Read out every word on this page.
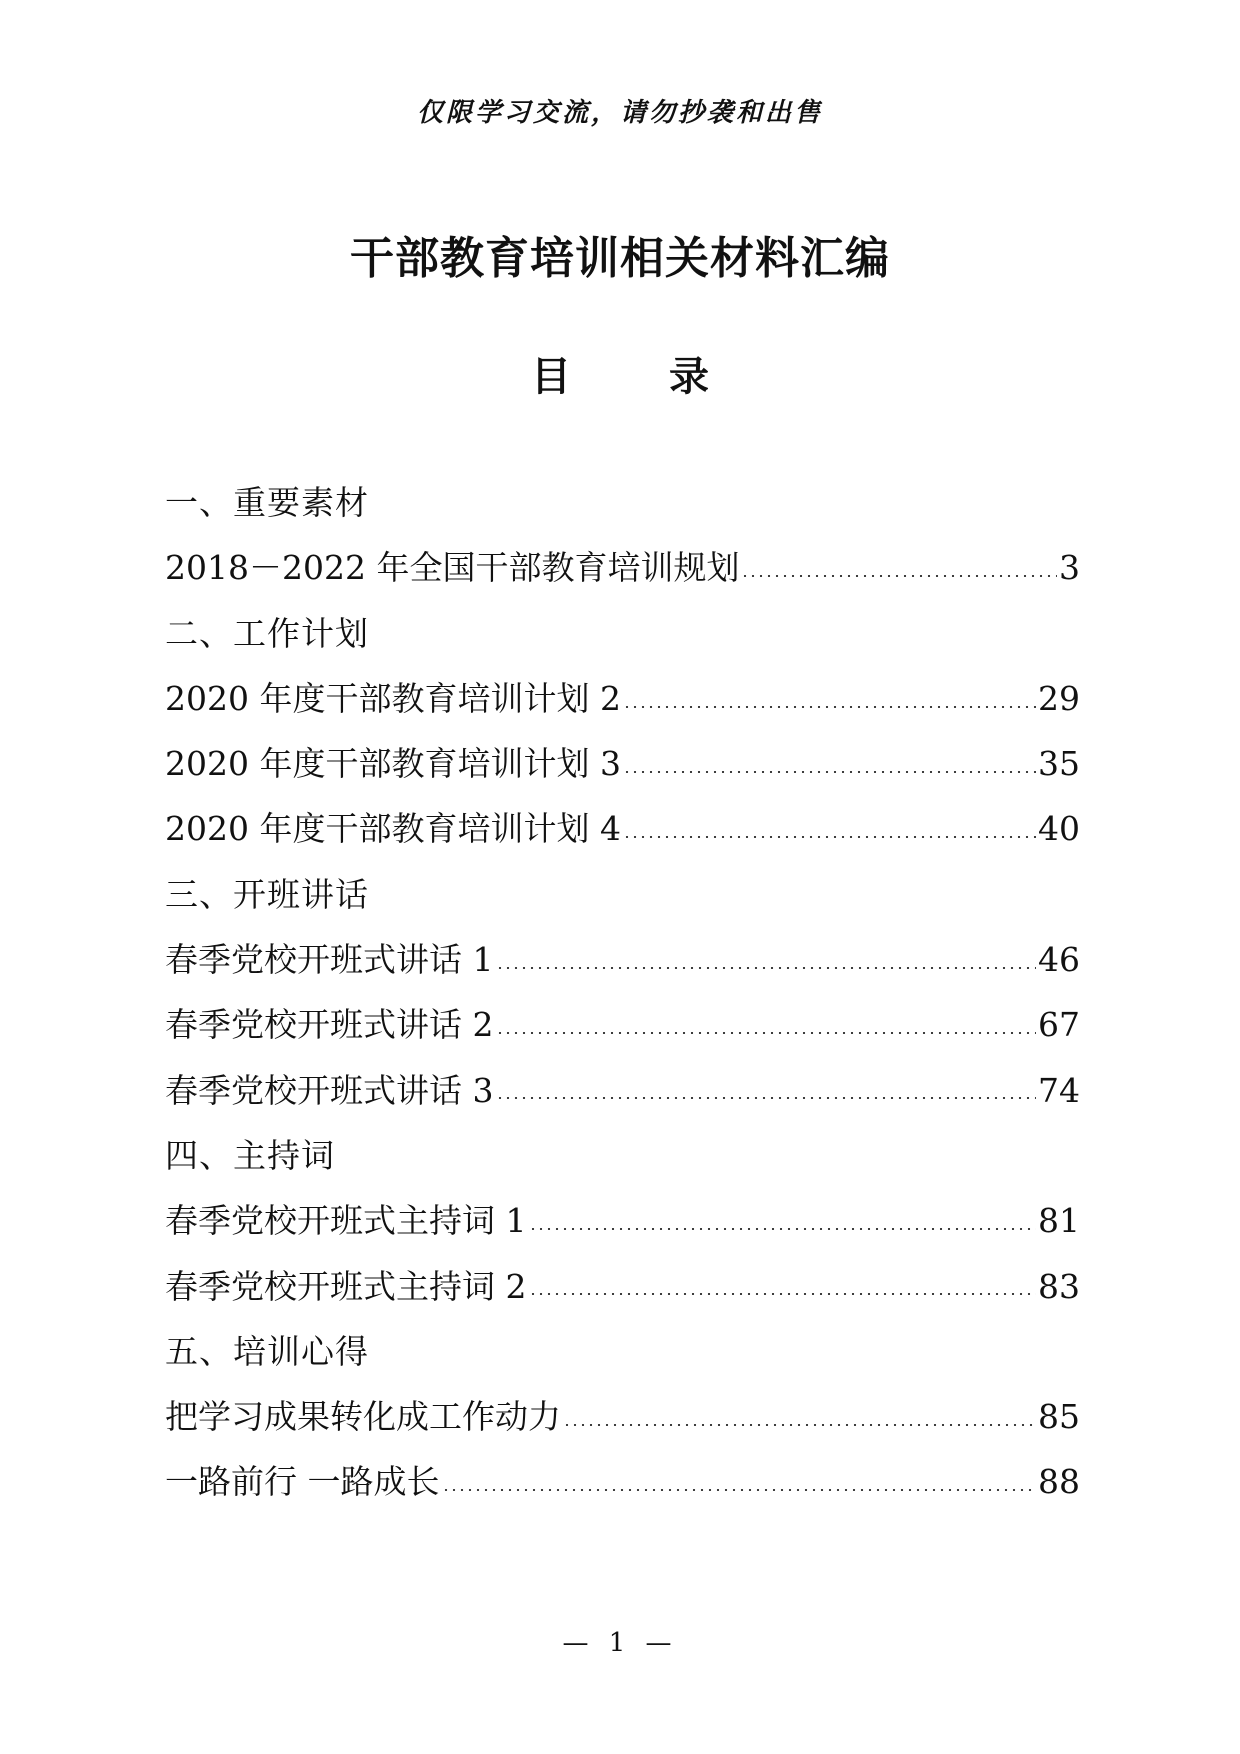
仅限学习交流，请勿抄袭和出售
干部教育培训相关材料汇编
目 录
一、重要素材
2018－2022 年全国干部教育培训规划	3
二、工作计划
2020 年度干部教育培训计划 2	29
2020 年度干部教育培训计划 3	35
2020 年度干部教育培训计划 4	40
三、开班讲话
春季党校开班式讲话 1	46
春季党校开班式讲话 2	67
春季党校开班式讲话 3	74
四、主持词
春季党校开班式主持词 1	81
春季党校开班式主持词 2	83
五、培训心得
把学习成果转化成工作动力	85
一路前行 一路成长	88
— 1 —
